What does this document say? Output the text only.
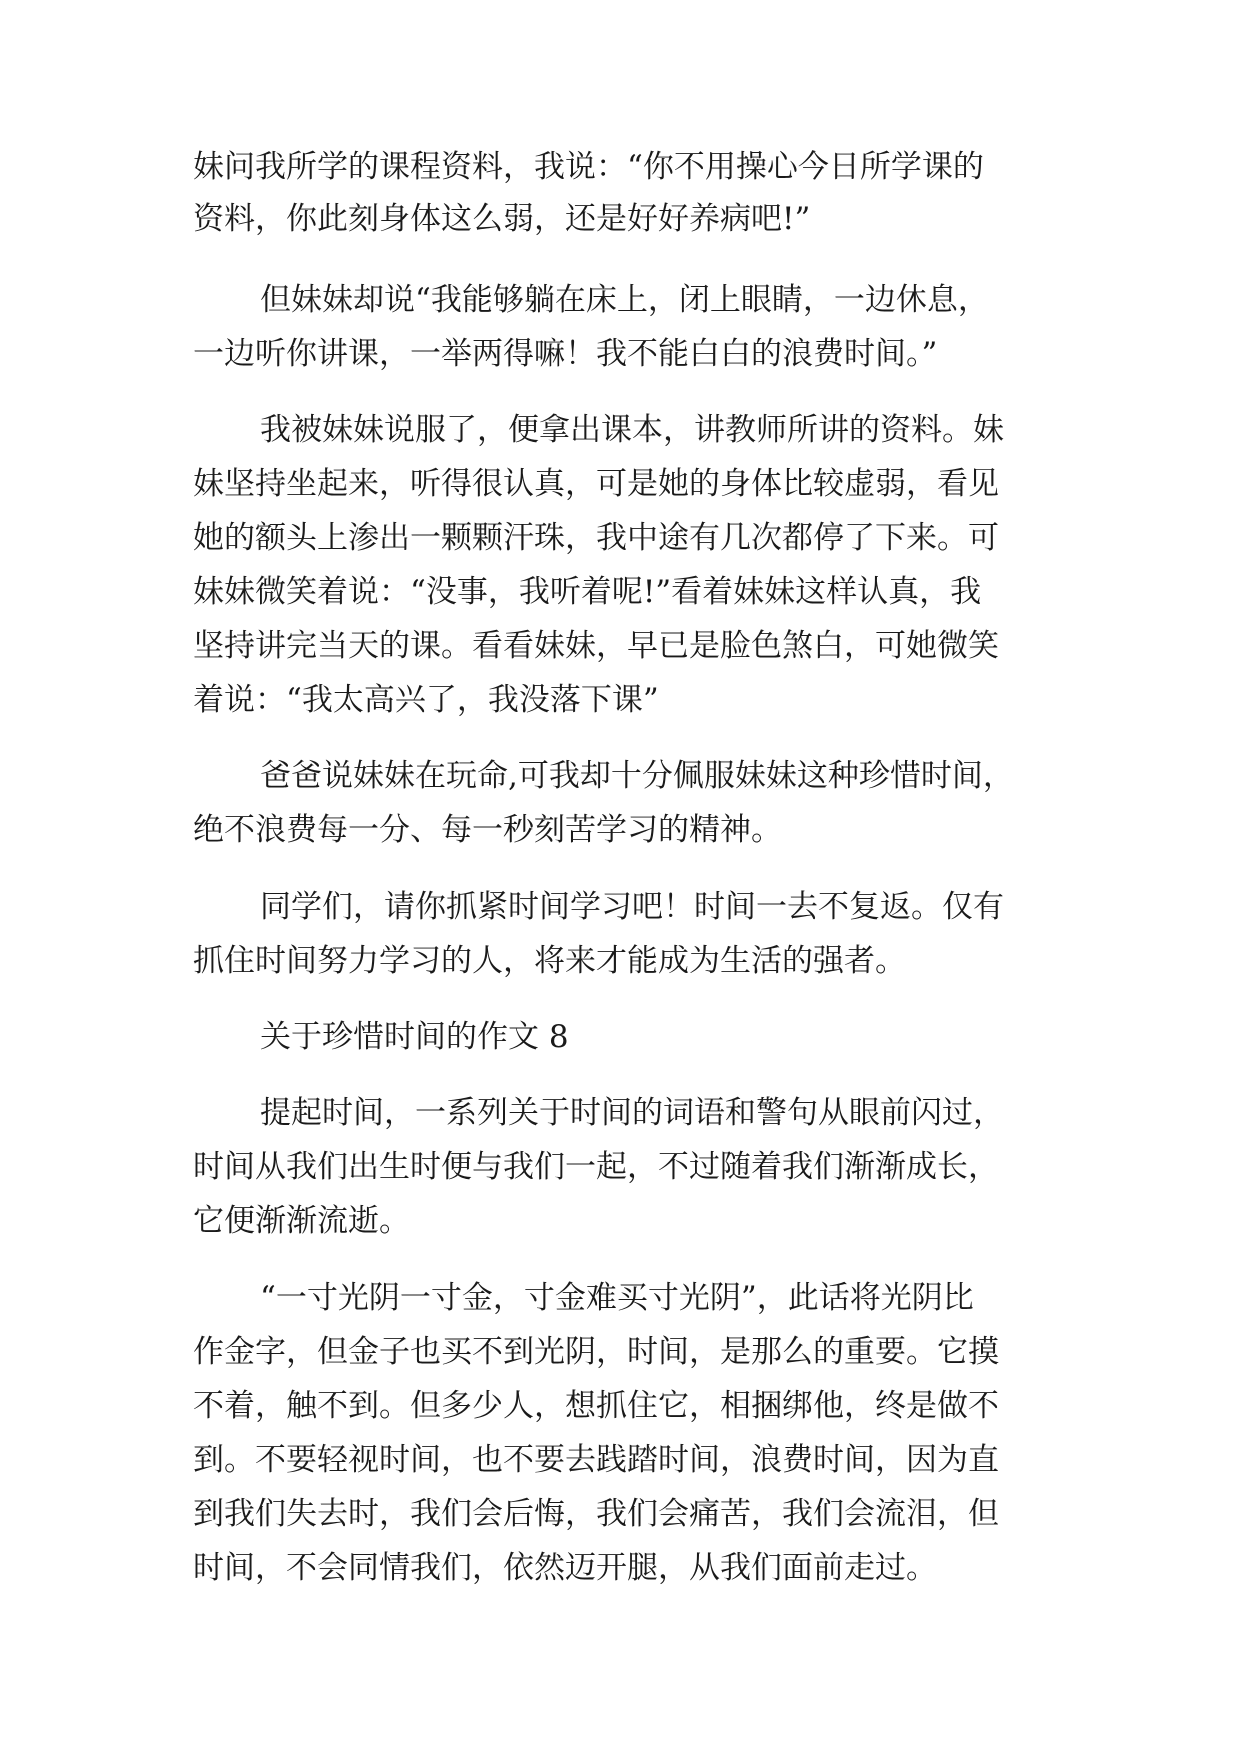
妹问我所学的课程资料，我说：“你不用操心今日所学课的
资料，你此刻身体这么弱，还是好好养病吧!”
但妹妹却说“我能够躺在床上，闭上眼睛，一边休息，
一边听你讲课，一举两得嘛！我不能白白的浪费时间。”
我被妹妹说服了，便拿出课本，讲教师所讲的资料。妹
妹坚持坐起来，听得很认真，可是她的身体比较虚弱，看见
她的额头上渗出一颗颗汗珠，我中途有几次都停了下来。可
妹妹微笑着说：“没事，我听着呢!”看着妹妹这样认真，我
坚持讲完当天的课。看看妹妹，早已是脸色煞白，可她微笑
着说：“我太高兴了，我没落下课”
爸爸说妹妹在玩命,可我却十分佩服妹妹这种珍惜时间，
绝不浪费每一分、每一秒刻苦学习的精神。
同学们，请你抓紧时间学习吧！时间一去不复返。仅有
抓住时间努力学习的人，将来才能成为生活的强者。
关于珍惜时间的作文 8
提起时间，一系列关于时间的词语和警句从眼前闪过，
时间从我们出生时便与我们一起，不过随着我们渐渐成长，
它便渐渐流逝。
“一寸光阴一寸金，寸金难买寸光阴”，此话将光阴比
作金字，但金子也买不到光阴，时间，是那么的重要。它摸
不着，触不到。但多少人，想抓住它，相捆绑他，终是做不
到。不要轻视时间，也不要去践踏时间，浪费时间，因为直
到我们失去时，我们会后悔，我们会痛苦，我们会流泪，但
时间，不会同情我们，依然迈开腿，从我们面前走过。
